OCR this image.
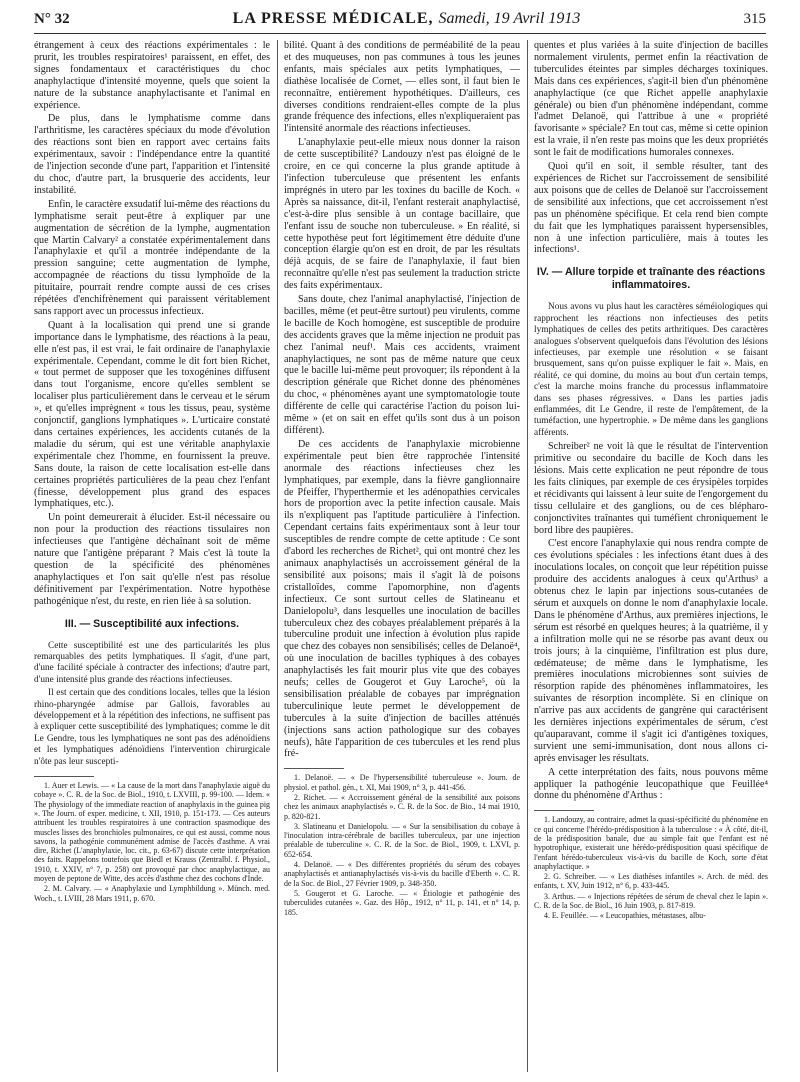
N° 32	LA PRESSE MÉDICALE, Samedi, 19 Avril 1913	315

étrangement à ceux des réactions expérimentales : le prurit, les troubles respiratoires¹ paraissent, en effet, des signes fondamentaux et caractéristiques du choc anaphylactique d'intensité moyenne, quels que soient la nature de la substance anaphylactisante et l'animal en expérience.

De plus, dans le lymphatisme comme dans l'arthritisme, les caractères spéciaux du mode d'évolution des réactions sont bien en rapport avec certains faits expérimentaux, savoir : l'indépendance entre la quantité de l'injection seconde d'une part, l'apparition et l'intensité du choc, d'autre part, la brusquerie des accidents, leur instabilité.

Enfin, le caractère exsudatif lui-même des réactions du lymphatisme serait peut-être à expliquer par une augmentation de sécrétion de la lymphe, augmentation que Martin Calvary² a constatée expérimentalement dans l'anaphylaxie et qu'il a montrée indépendante de la pression sanguine; cette augmentation de lymphe, accompagnée de réactions du tissu lymphoïde de la pituitaire, pourrait rendre compte aussi de ces crises répétées d'enchifrènement qui paraissent véritablement sans rapport avec un processus infectieux.

Quant à la localisation qui prend une si grande importance dans le lymphatisme, des réactions à la peau, elle n'est pas, il est vrai, le fait ordinaire de l'anaphylaxie expérimentale. Cependant, comme le dit fort bien Richet, « tout permet de supposer que les toxogénines diffusent dans tout l'organisme, encore qu'elles semblent se localiser plus particulièrement dans le cerveau et le sérum », et qu'elles imprègnent « tous les tissus, peau, système conjonctif, ganglions lymphatiques ». L'urticaire constaté dans certaines expériences, les accidents cutanés de la maladie du sérum, qui est une véritable anaphylaxie expérimentale chez l'homme, en fournissent la preuve. Sans doute, la raison de cette localisation est-elle dans certaines propriétés particulières de la peau chez l'enfant (finesse, développement plus grand des espaces lymphatiques, etc.).

Un point demeurerait à élucider. Est-il nécessaire ou non pour la production des réactions tissulaires non infectieuses que l'antigène déchaînant soit de même nature que l'antigène préparant ? Mais c'est là toute la question de la spécificité des phénomènes anaphylactiques et l'on sait qu'elle n'est pas résolue définitivement par l'expérimentation. Notre hypothèse pathogénique n'est, du reste, en rien liée à sa solution.

III. — Susceptibilité aux infections.

Cette susceptibilité est une des particularités les plus remarquables des petits lymphatiques. Il s'agit, d'une part, d'une facilité spéciale à contracter des infections; d'autre part, d'une intensité plus grande des réactions infectieuses.

Il est certain que des conditions locales, telles que la lésion rhino-pharyngée admise par Gallois, favorables au développement et à la répétition des infections, ne suffisent pas à expliquer cette susceptibilité des lymphatiques; comme le dit Le Gendre, tous les lymphatiques ne sont pas des adénoïdiens et les lymphatiques adénoïdiens l'intervention chirurgicale n'ôte pas leur suscepti-

1. Auer et Lewis. — « La cause de la mort dans l'anaphylaxie aiguë du cobaye ». C. R. de la Soc. de Biol., 1910, t. LXVIII, p. 99-100. — Idem. « The physiology of the immediate reaction of anaphylaxis in the guinea pig ». The Journ. of exper. medicine, t. XII, 1910, p. 151-173. — Ces auteurs attribuent les troubles respiratoires à une contraction spasmodique des muscles lisses des bronchioles pulmonaires, ce qui est aussi, comme nous savons, la pathogénie communément admise de l'accès d'asthme. A vrai dire, Richet (L'anaphylaxie, loc. cit., p. 63-67) discute cette interprétation des faits. Rappelons toutefois que Biedl et Krauss (Zentralbl. f. Physiol., 1910, t. XXIV, n° 7, p. 258) ont provoqué par choc anaphylactique, au moyen de peptone de Witte, des accès d'asthme chez des cochons d'Inde.

2. M. Calvary. — « Anaphylaxie und Lymphbildung ». Münch. med. Woch., t. LVIII, 28 Mars 1911, p. 670.

bilité. Quant à des conditions de perméabilité de la peau et des muqueuses, non pas communes à tous les jeunes enfants, mais spéciales aux petits lymphatiques, — diathèse localisée de Cornet, — elles sont, il faut bien le reconnaître, entièrement hypothétiques. D'ailleurs, ces diverses conditions rendraient-elles compte de la plus grande fréquence des infections, elles n'expliqueraient pas l'intensité anormale des réactions infectieuses.

L'anaphylaxie peut-elle mieux nous donner la raison de cette susceptibilité? Landouzy n'est pas éloigné de le croire, en ce qui concerne la plus grande aptitude à l'infection tuberculeuse que présentent les enfants imprégnés in utero par les toxines du bacille de Koch. « Après sa naissance, dit-il, l'enfant resterait anaphylactisé, c'est-à-dire plus sensible à un contage bacillaire, que l'enfant issu de souche non tuberculeuse. » En réalité, si cette hypothèse peut fort légitimement être déduite d'une conception élargie qu'on est en droit, de par les résultats déjà acquis, de se faire de l'anaphylaxie, il faut bien reconnaître qu'elle n'est pas seulement la traduction stricte des faits expérimentaux.

Sans doute, chez l'animal anaphylactisé, l'injection de bacilles, même (et peut-être surtout) peu virulents, comme le bacille de Koch homogène, est susceptible de produire des accidents graves que la même injection ne produit pas chez l'animal neuf¹. Mais ces accidents, vraiment anaphylactiques, ne sont pas de même nature que ceux que le bacille lui-même peut provoquer; ils répondent à la description générale que Richet donne des phénomènes du choc, « phénomènes ayant une symptomatologie toute différente de celle qui caractérise l'action du poison lui-même » (et on sait en effet qu'ils sont dus à un poison différent).

De ces accidents de l'anaphylaxie microbienne expérimentale peut bien être rapprochée l'intensité anormale des réactions infectieuses chez les lymphatiques, par exemple, dans la fièvre ganglionnaire de Pfeiffer, l'hyperthermie et les adénopathies cervicales hors de proportion avec la petite infection causale. Mais ils n'expliquent pas l'aptitude particulière à l'infection. Cependant certains faits expérimentaux sont à leur tour susceptibles de rendre compte de cette aptitude : Ce sont d'abord les recherches de Richet², qui ont montré chez les animaux anaphylactisés un accroissement général de la sensibilité aux poisons; mais il s'agit là de poisons cristalloïdes, comme l'apomorphine, non d'agents infectieux. Ce sont surtout celles de Slatineanu et Danielopolu³, dans lesquelles une inoculation de bacilles tuberculeux chez des cobayes préalablement préparés à la tuberculine produit une infection à évolution plus rapide que chez des cobayes non sensibilisés; celles de Delanoë⁴, où une inoculation de bacilles typhiques à des cobayes anaphylactisés les fait mourir plus vite que des cobayes neufs; celles de Gougerot et Guy Laroche⁵, où la sensibilisation préalable de cobayes par imprégnation tuberculinique leute permet le développement de tubercules à la suite d'injection de bacilles atténués (injections sans action pathologique sur des cobayes neufs), hâte l'apparition de ces tubercules et les rend plus fré-

1. Delanoë. — « De l'hypersensibilité tuberculeuse ». Journ. de physiol. et pathol. gén., t. XI, Mai 1909, n° 3, p. 441-456.

2. Richet. — « Accroissement général de la sensibilité aux poisons chez les animaux anaphylactisés ». C. R. de la Soc. de Bio., 14 mai 1910, p. 820-821.

3. Slatineanu et Danielopolu. — « Sur la sensibilisation du cobaye à l'inoculation intra-cérébrale de bacilles tuberculeux, par une injection préalable de tuberculine ». C. R. de la Soc. de Biol., 1909, t. LXVI, p. 652-654.

4. Delanoë. — « Des différentes propriétés du sérum des cobayes anaphylactisés et antianaphylactisés vis-à-vis du bacille d'Eberth ». C. R. de la Soc. de Biol., 27 Février 1909, p. 348-350.

5. Gougerot et G. Laroche. — « Étiologie et pathogénie des tuberculides cutanées ». Gaz. des Hôp., 1912, n° 11, p. 141, et n° 14, p. 185.

quentes et plus variées à la suite d'injection de bacilles normalement virulents, permet enfin la réactivation de tuberculides éteintes par simples décharges toxiniques. Mais dans ces expériences, s'agit-il bien d'un phénomène anaphylactique (ce que Richet appelle anaphylaxie générale) ou bien d'un phénomène indépendant, comme l'admet Delanoë, qui l'attribue à une « propriété favorisante » spéciale? En tout cas, même si cette opinion est la vraie, il n'en reste pas moins que les deux propriétés sont le fait de modifications humorales connexes.

Quoi qu'il en soit, il semble résulter, tant des expériences de Richet sur l'accroissement de sensibilité aux poisons que de celles de Delanoë sur l'accroissement de sensibilité aux infections, que cet accroissement n'est pas un phénomène spécifique. Et cela rend bien compte du fait que les lymphatiques paraissent hypersensibles, non à une infection particulière, mais à toutes les infections¹.

IV. — Allure torpide et traînante des réactions inflammatoires.

Nous avons vu plus haut les caractères séméiologiques qui rapprochent les réactions non infectieuses des petits lymphatiques de celles des petits arthritiques. Des caractères analogues s'observent quelquefois dans l'évolution des lésions infectieuses, par exemple une résolution « se faisant brusquement, sans qu'on puisse expliquer le fait ». Mais, en réalité, ce qui domine, du moins au bout d'un certain temps, c'est la marche moins franche du processus inflammatoire dans ses phases régressives. « Dans les parties jadis enflammées, dit Le Gendre, il reste de l'empâtement, de la tuméfaction, une hypertrophie. » De même dans les ganglions afférents.

Schreiber² ne voit là que le résultat de l'intervention primitive ou secondaire du bacille de Koch dans les lésions. Mais cette explication ne peut répondre de tous les faits cliniques, par exemple de ces érysipèles torpides et récidivants qui laissent à leur suite de l'engorgement du tissu cellulaire et des ganglions, ou de ces blépharo-conjonctivites traînantes qui tuméfient chroniquement le bord libre des paupières.

C'est encore l'anaphylaxie qui nous rendra compte de ces évolutions spéciales : les infections étant dues à des inoculations locales, on conçoit que leur répétition puisse produire des accidents analogues à ceux qu'Arthus³ a obtenus chez le lapin par injections sous-cutanées de sérum et auxquels on donne le nom d'anaphylaxie locale. Dans le phénomène d'Arthus, aux premières injections, le sérum est résorbé en quelques heures; à la quatrième, il y a infiltration molle qui ne se résorbe pas avant deux ou trois jours; à la cinquième, l'infiltration est plus dure, œdémateuse; de même dans le lymphatisme, les premières inoculations microbiennes sont suivies de résorption rapide des phénomènes inflammatoires, les suivantes de résorption incomplète. Si en clinique on n'arrive pas aux accidents de gangrène qui caractérisent les dernières injections expérimentales de sérum, c'est qu'auparavant, comme il s'agit ici d'antigènes toxiques, survient une semi-immunisation, dont nous allons ci-après envisager les résultats.

A cette interprétation des faits, nous pouvons même appliquer la pathogénie leucopathique que Feuillée⁴ donne du phénomène d'Arthus :

1. Landouzy, au contraire, admet la quasi-spécificité du phénomène en ce qui concerne l'hérédo-prédisposition à la tuberculose : « À côté, dit-il, de la prédisposition banale, due au simple fait que l'enfant est né hypotrophique, existerait une hérédo-prédisposition quasi spécifique de l'enfant hérédo-tuberculeux vis-à-vis du bacille de Koch, sorte d'état anaphylactique. »

2. G. Schreiber. — « Les diathèses infantiles ». Arch. de méd. des enfants, t. XV, Juin 1912, n° 6, p. 433-445.

3. Arthus. — « Injections répétées de sérum de cheval chez le lapin ». C. R. de la Soc. de Biol., 16 Juin 1903, p. 817-819.

4. E. Feuillée. — « Leucopathies, métastases, albu-
